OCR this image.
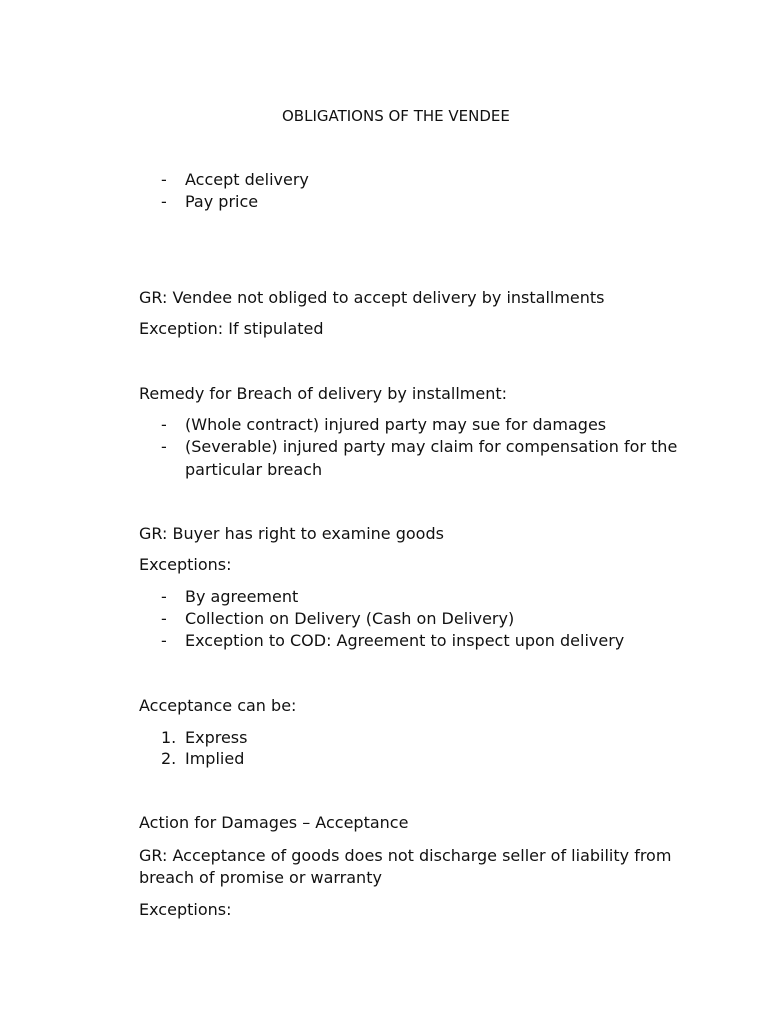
OBLIGATIONS OF THE VENDEE
- Accept delivery
- Pay price
GR: Vendee not obliged to accept delivery by installments
Exception: If stipulated
Remedy for Breach of delivery by installment:
- (Whole contract) injured party may sue for damages
- (Severable) injured party may claim for compensation for the
particular breach
GR: Buyer has right to examine goods
Exceptions:
- By agreement
- Collection on Delivery (Cash on Delivery)
- Exception to COD: Agreement to inspect upon delivery
Acceptance can be:
1. Express
2. Implied
Action for Damages – Acceptance
GR: Acceptance of goods does not discharge seller of liability from
breach of promise or warranty
Exceptions:
